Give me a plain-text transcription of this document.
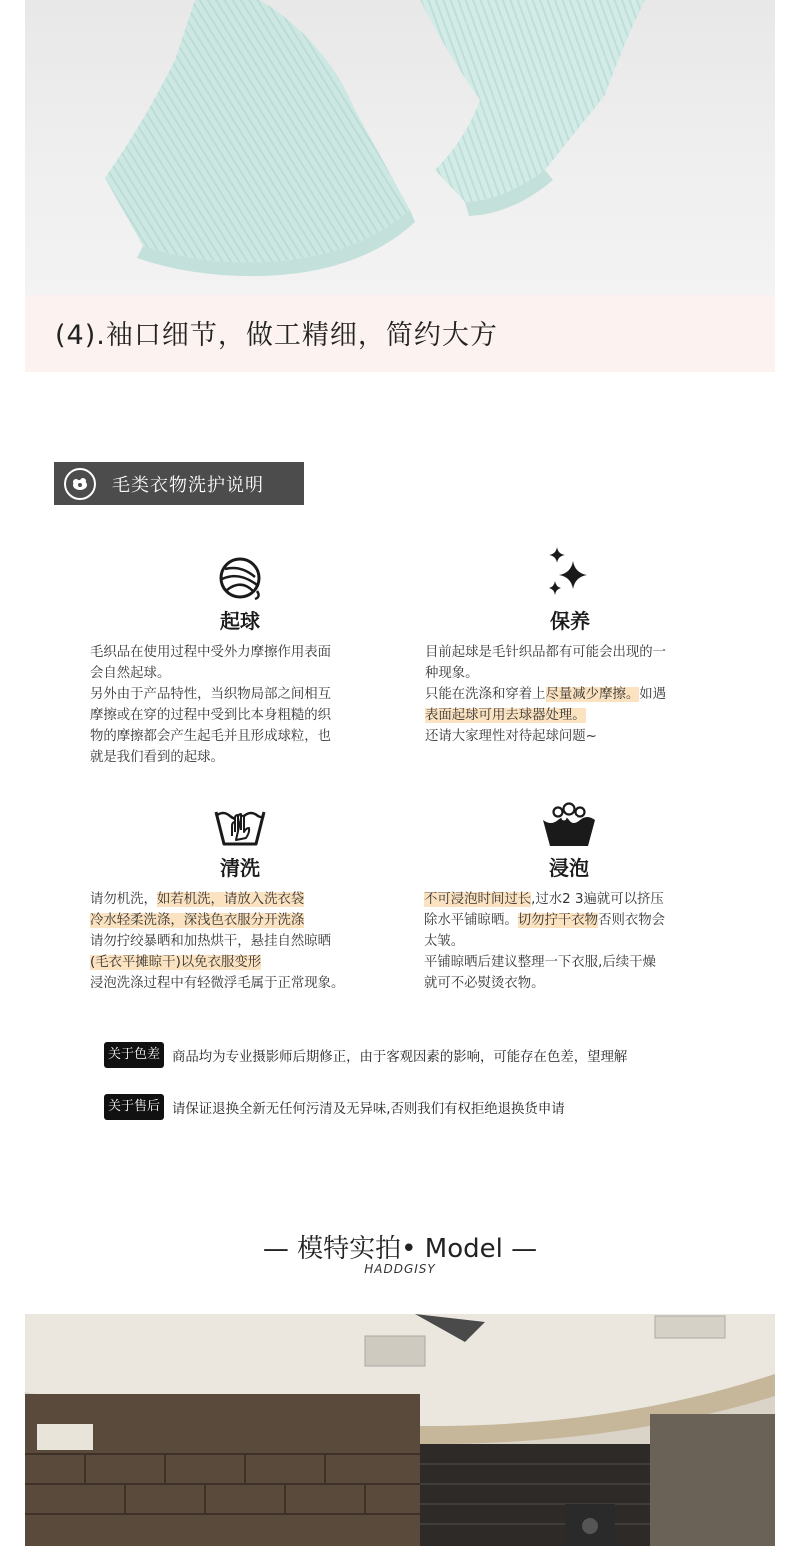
(4).袖口细节，做工精细，简约大方
毛类衣物洗护说明
起球
毛织品在使用过程中受外力摩擦作用表面
会自然起球。
另外由于产品特性，当织物局部之间相互
摩擦或在穿的过程中受到比本身粗糙的织
物的摩擦都会产生起毛并且形成球粒，也
就是我们看到的起球。
保养
目前起球是毛针织品都有可能会出现的一
种现象。
只能在洗涤和穿着上尽量减少摩擦。如遇
表面起球可用去球器处理。
还请大家理性对待起球问题~
清洗
请勿机洗，如若机洗，请放入洗衣袋
冷水轻柔洗涤，深浅色衣服分开洗涤
请勿拧绞暴晒和加热烘干，悬挂自然晾晒
(毛衣平摊晾干)以免衣服变形
浸泡洗涤过程中有轻微浮毛属于正常现象。
浸泡
不可浸泡时间过长,过水2 3遍就可以挤压
除水平铺晾晒。切勿拧干衣物否则衣物会
太皱。
平铺晾晒后建议整理一下衣服,后续干燥
就可不必熨烫衣物。
关于色差 商品均为专业摄影师后期修正，由于客观因素的影响，可能存在色差，望理解
关于售后 请保证退换全新无任何污清及无异味,否则我们有权拒绝退换货申请
— 模特实拍• Model —
HADDGISY
